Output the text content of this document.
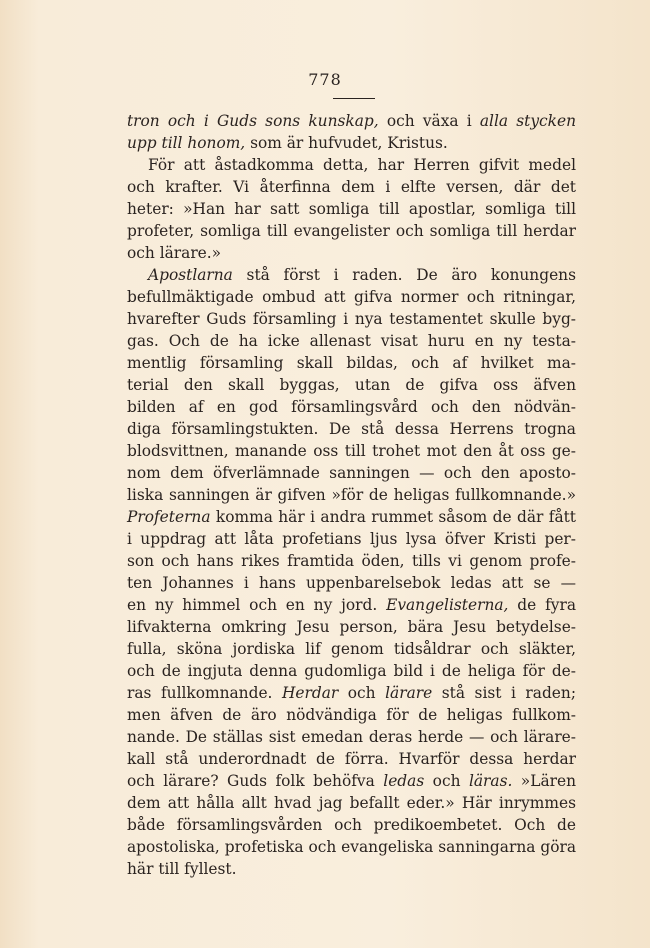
778
tron och i Guds sons kunskap, och växa i alla stycken
upp till honom, som är hufvudet, Kristus.
För att åstadkomma detta, har Herren gifvit medel
och krafter. Vi återfinna dem i elfte versen, där det
heter: »Han har satt somliga till apostlar, somliga till
profeter, somliga till evangelister och somliga till herdar
och lärare.»
Apostlarna stå först i raden. De äro konungens
befullmäktigade ombud att gifva normer och ritningar,
hvarefter Guds församling i nya testamentet skulle byg-
gas. Och de ha icke allenast visat huru en ny testa-
mentlig församling skall bildas, och af hvilket ma-
terial den skall byggas, utan de gifva oss äfven
bilden af en god församlingsvård och den nödvän-
diga församlingstukten. De stå dessa Herrens trogna
blodsvittnen, manande oss till trohet mot den åt oss ge-
nom dem öfverlämnade sanningen — och den aposto-
liska sanningen är gifven »för de heligas fullkomnande.»
Profeterna komma här i andra rummet såsom de där fått
i uppdrag att låta profetians ljus lysa öfver Kristi per-
son och hans rikes framtida öden, tills vi genom profe-
ten Johannes i hans uppenbarelsebok ledas att se —
en ny himmel och en ny jord. Evangelisterna, de fyra
lifvakterna omkring Jesu person, bära Jesu betydelse-
fulla, sköna jordiska lif genom tidsåldrar och släkter,
och de ingjuta denna gudomliga bild i de heliga för de-
ras fullkomnande. Herdar och lärare stå sist i raden;
men äfven de äro nödvändiga för de heligas fullkom-
nande. De ställas sist emedan deras herde — och lärare-
kall stå underordnadt de förra. Hvarför dessa herdar
och lärare? Guds folk behöfva ledas och läras. »Lären
dem att hålla allt hvad jag befallt eder.» Här inrymmes
både församlingsvården och predikoembetet. Och de
apostoliska, profetiska och evangeliska sanningarna göra
här till fyllest.
